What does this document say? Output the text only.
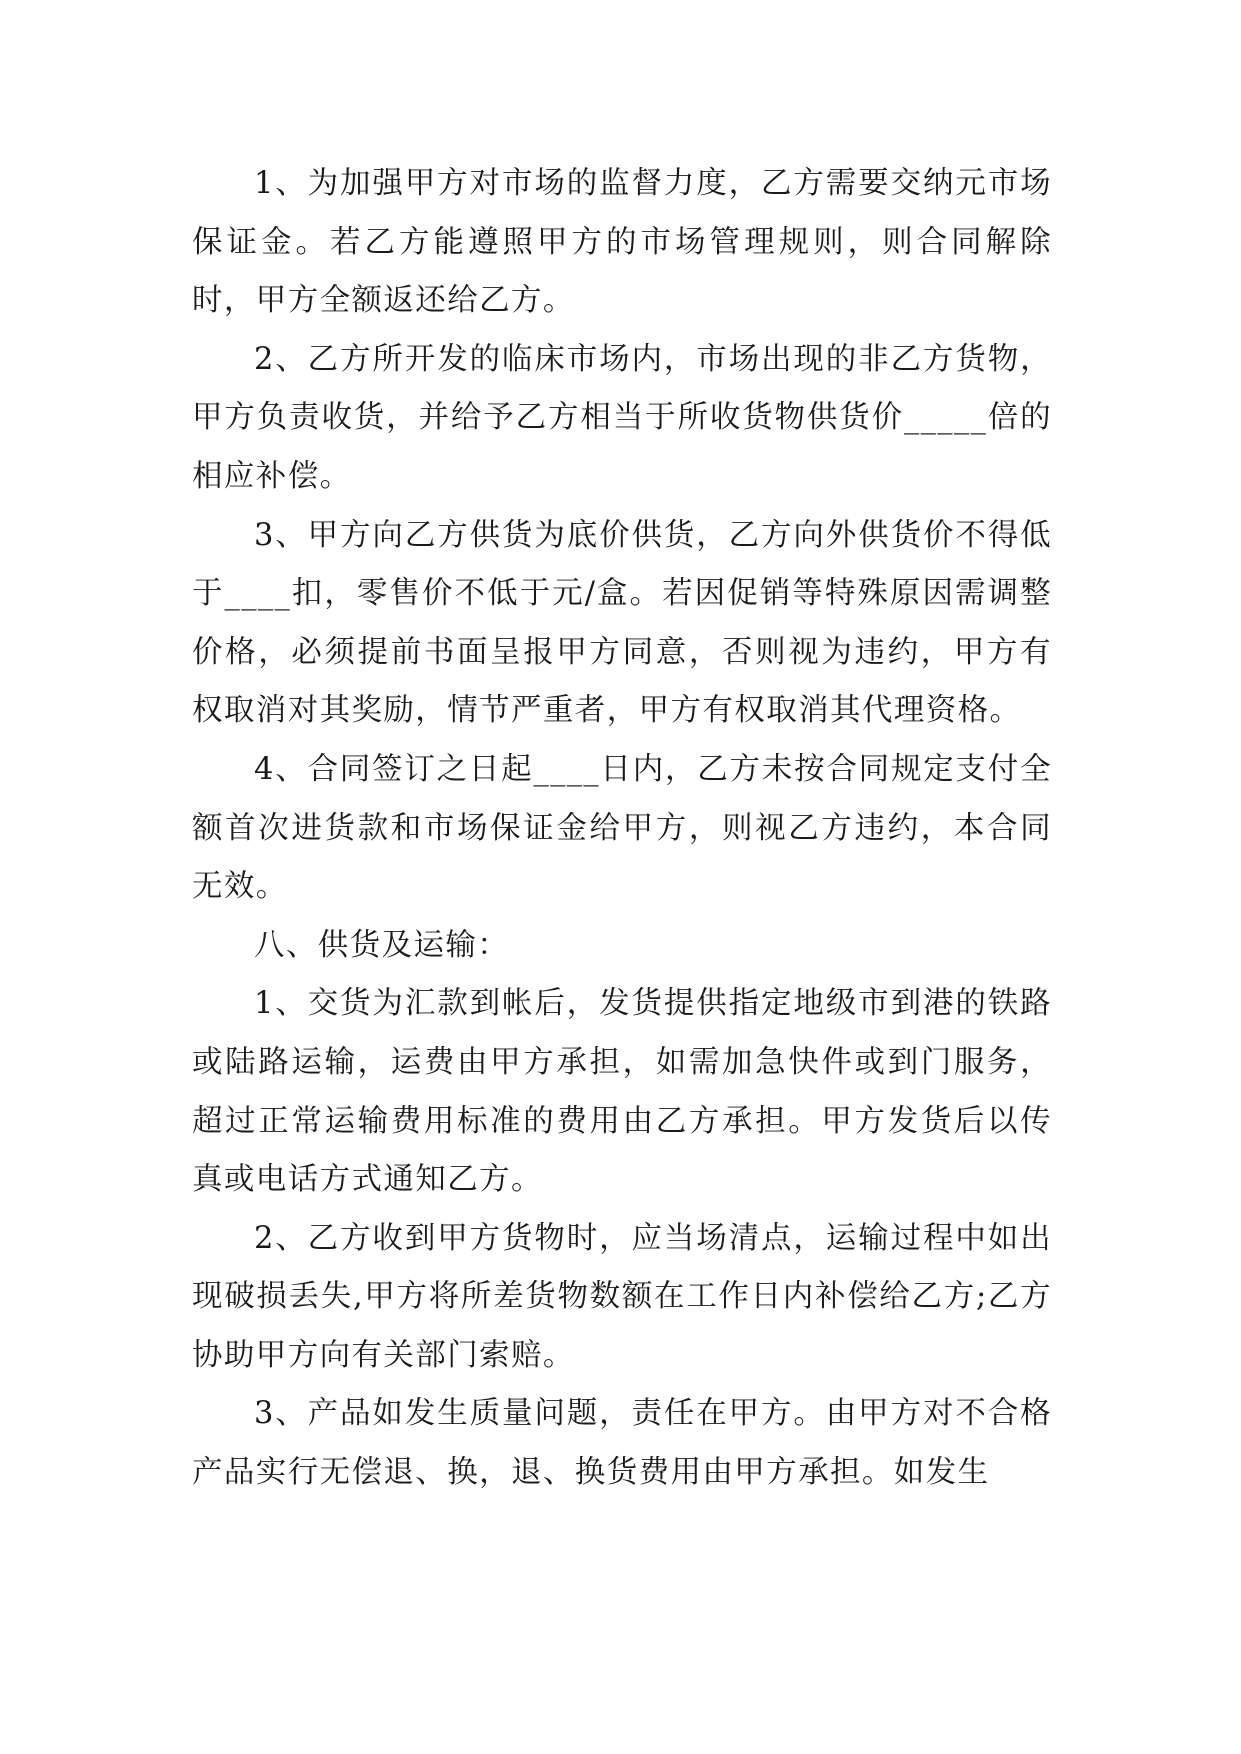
1、为加强甲方对市场的监督力度，乙方需要交纳元市场保证金。若乙方能遵照甲方的市场管理规则，则合同解除时，甲方全额返还给乙方。

2、乙方所开发的临床市场内，市场出现的非乙方货物，甲方负责收货，并给予乙方相当于所收货物供货价_____倍的相应补偿。

3、甲方向乙方供货为底价供货，乙方向外供货价不得低于____扣，零售价不低于元/盒。若因促销等特殊原因需调整价格，必须提前书面呈报甲方同意，否则视为违约，甲方有权取消对其奖励，情节严重者，甲方有权取消其代理资格。

4、合同签订之日起____日内，乙方未按合同规定支付全额首次进货款和市场保证金给甲方，则视乙方违约，本合同无效。

八、供货及运输：

1、交货为汇款到帐后，发货提供指定地级市到港的铁路或陆路运输，运费由甲方承担，如需加急快件或到门服务，超过正常运输费用标准的费用由乙方承担。甲方发货后以传真或电话方式通知乙方。

2、乙方收到甲方货物时，应当场清点，运输过程中如出现破损丢失,甲方将所差货物数额在工作日内补偿给乙方;乙方协助甲方向有关部门索赔。

3、产品如发生质量问题，责任在甲方。由甲方对不合格产品实行无偿退、换，退、换货费用由甲方承担。如发生
